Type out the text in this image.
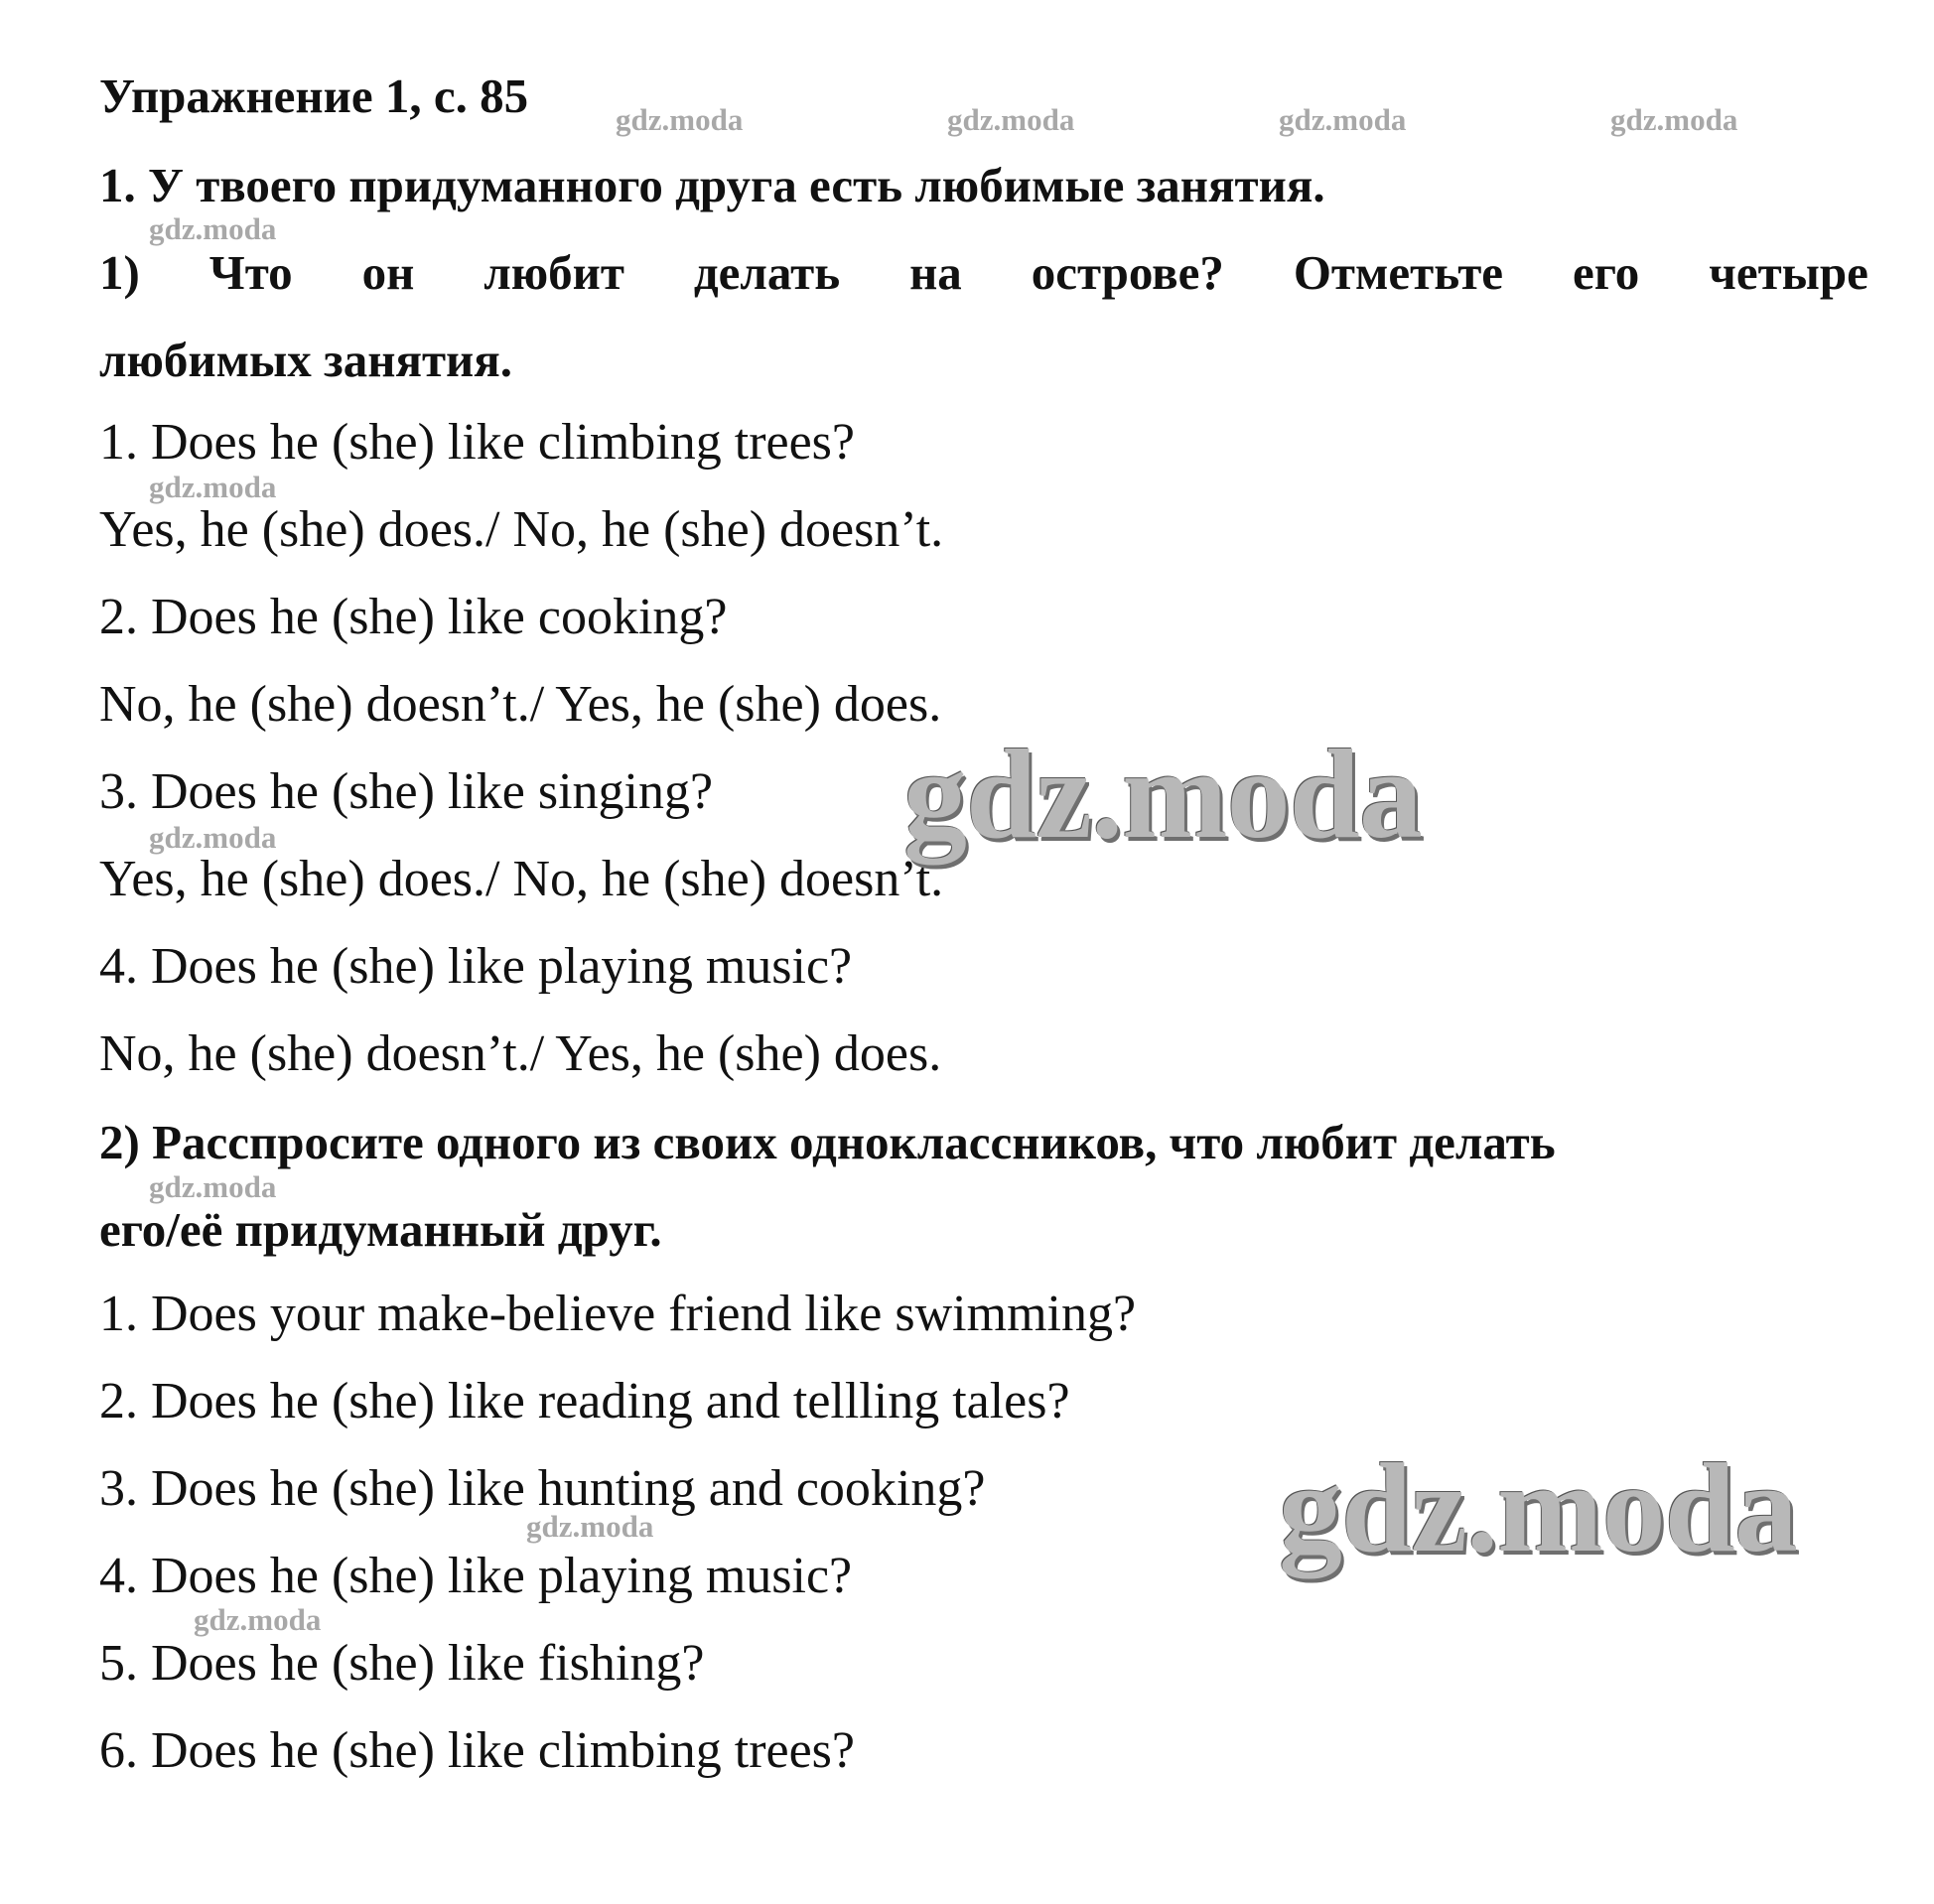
Упражнение 1, с. 85
1. У твоего придуманного друга есть любимые занятия.
1) Что он любит делать на острове? Отметьте его четыре
любимых занятия.
1. Does he (she) like climbing trees?
Yes, he (she) does./ No, he (she) doesn’t.
2. Does he (she) like cooking?
No, he (she) doesn’t./ Yes, he (she) does.
3. Does he (she) like singing?
Yes, he (she) does./ No, he (she) doesn’t.
4. Does he (she) like playing music?
No, he (she) doesn’t./ Yes, he (she) does.
2) Расспросите одного из своих одноклассников, что любит делать
его/её придуманный друг.
1. Does your make-believe friend like swimming?
2. Does he (she) like reading and tellling tales?
3. Does he (she) like hunting and cooking?
4. Does he (she) like playing music?
5. Does he (she) like fishing?
6. Does he (she) like climbing trees?
gdz.moda	gdz.moda	gdz.moda	gdz.moda
gdz.moda
gdz.moda
gdz.moda
gdz.moda
gdz.moda
gdz.moda
gdz.moda
gdz.moda
